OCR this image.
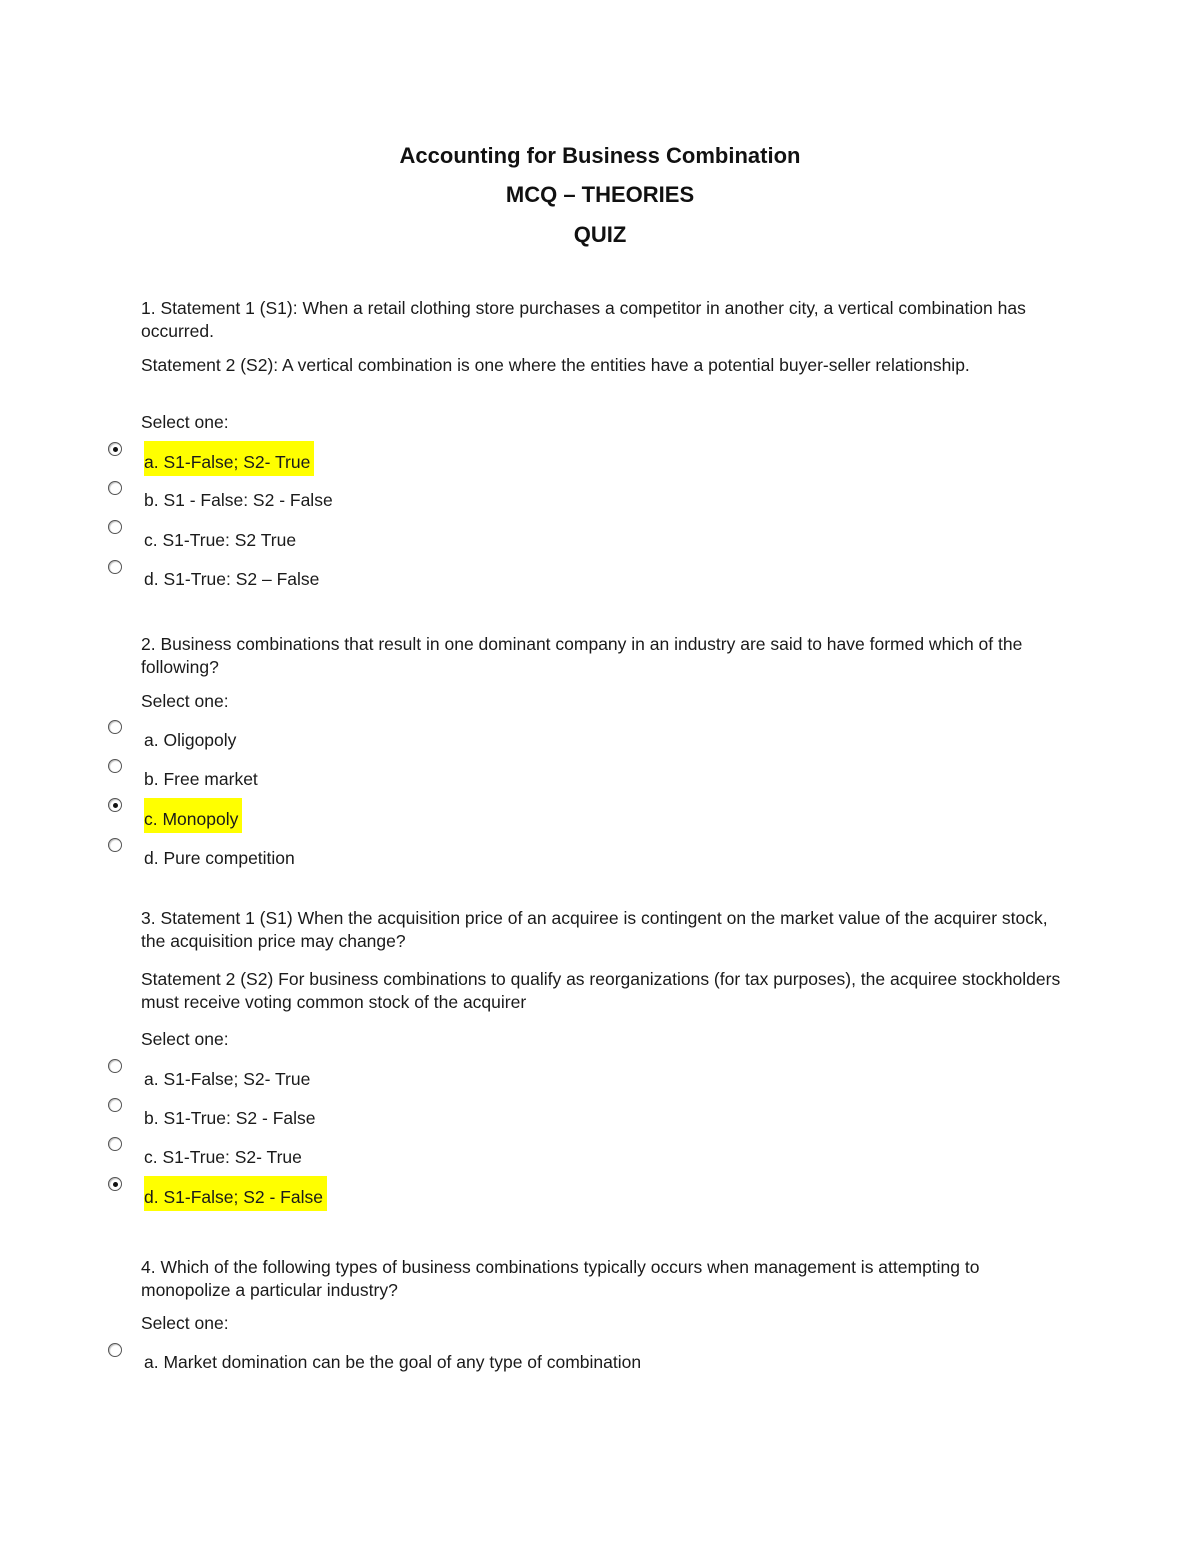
Accounting for Business Combination

MCQ – THEORIES

QUIZ

1. Statement 1 (S1): When a retail clothing store purchases a competitor in another city, a vertical combination has occurred.

Statement 2 (S2): A vertical combination is one where the entities have a potential buyer-seller relationship.

Select one:
a. S1-False; S2- True
b. S1 - False: S2 - False
c. S1-True: S2 True
d. S1-True: S2 – False

2. Business combinations that result in one dominant company in an industry are said to have formed which of the following?

Select one:
a. Oligopoly
b. Free market
c. Monopoly
d. Pure competition

3. Statement 1 (S1) When the acquisition price of an acquiree is contingent on the market value of the acquirer stock, the acquisition price may change?

Statement 2 (S2) For business combinations to qualify as reorganizations (for tax purposes), the acquiree stockholders must receive voting common stock of the acquirer

Select one:
a. S1-False; S2- True
b. S1-True: S2 - False
c. S1-True: S2- True
d. S1-False; S2 - False

4. Which of the following types of business combinations typically occurs when management is attempting to monopolize a particular industry?

Select one:
a. Market domination can be the goal of any type of combination
